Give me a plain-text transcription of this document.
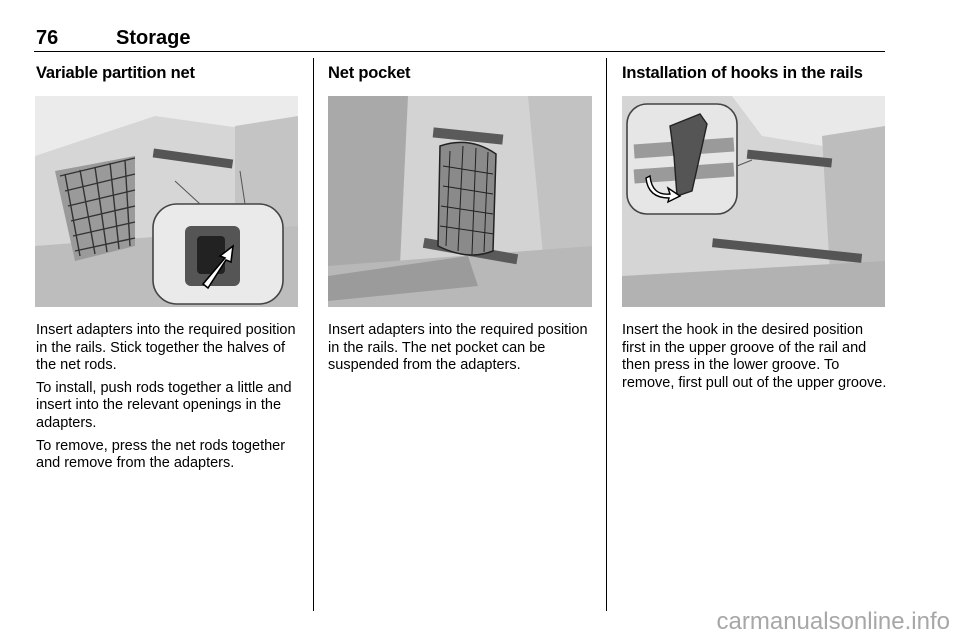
76	Storage
Variable partition net

Insert adapters into the required position in the rails. Stick together the halves of the net rods.

To install, push rods together a little and insert into the relevant openings in the adapters.

To remove, press the net rods together and remove from the adapters.

Net pocket

Insert adapters into the required position in the rails. The net pocket can be suspended from the adapters.

Installation of hooks in the rails

Insert the hook in the desired position first in the upper groove of the rail and then press in the lower groove. To remove, first pull out of the upper groove.

carmanualsonline.info
